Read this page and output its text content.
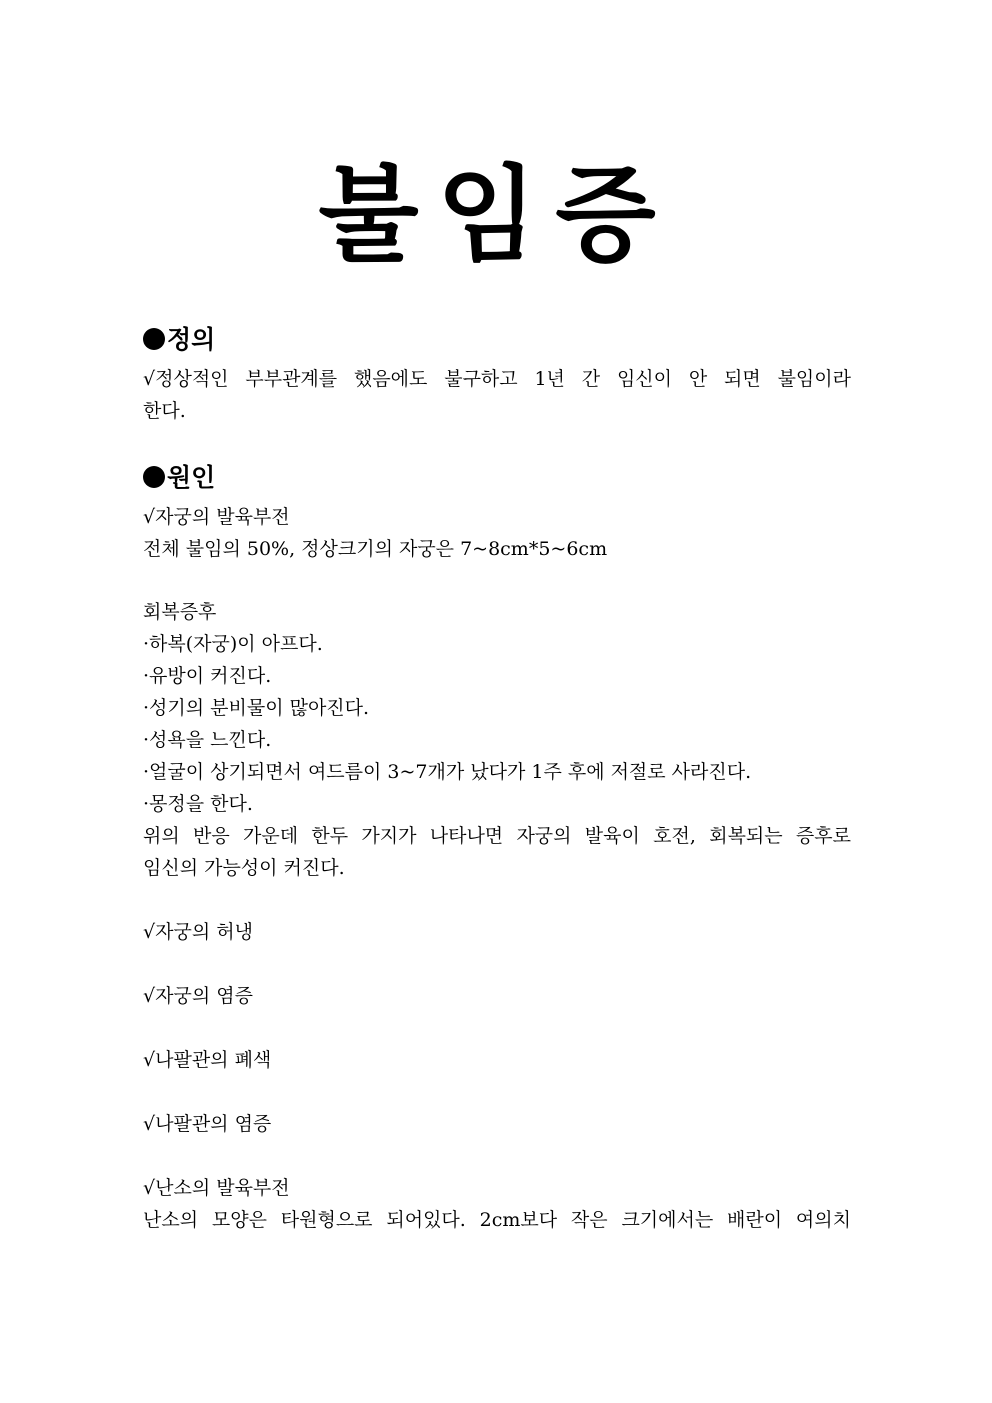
불임증
정의

√정상적인 부부관계를 했음에도 불구하고 1년 간 임신이 안 되면 불임이라

한다.

원인

√자궁의 발육부전

전체 불임의 50%, 정상크기의 자궁은 7~8cm*5~6cm

회복증후

·하복(자궁)이 아프다.

·유방이 커진다.

·성기의 분비물이 많아진다.

·성욕을 느낀다.

·얼굴이 상기되면서 여드름이 3~7개가 났다가 1주 후에 저절로 사라진다.

·몽정을 한다.

위의 반응 가운데 한두 가지가 나타나면 자궁의 발육이 호전, 회복되는 증후로

임신의 가능성이 커진다.

√자궁의 허냉

√자궁의 염증

√나팔관의 폐색

√나팔관의 염증

√난소의 발육부전

난소의 모양은 타원형으로 되어있다. 2cm보다 작은 크기에서는 배란이 여의치
